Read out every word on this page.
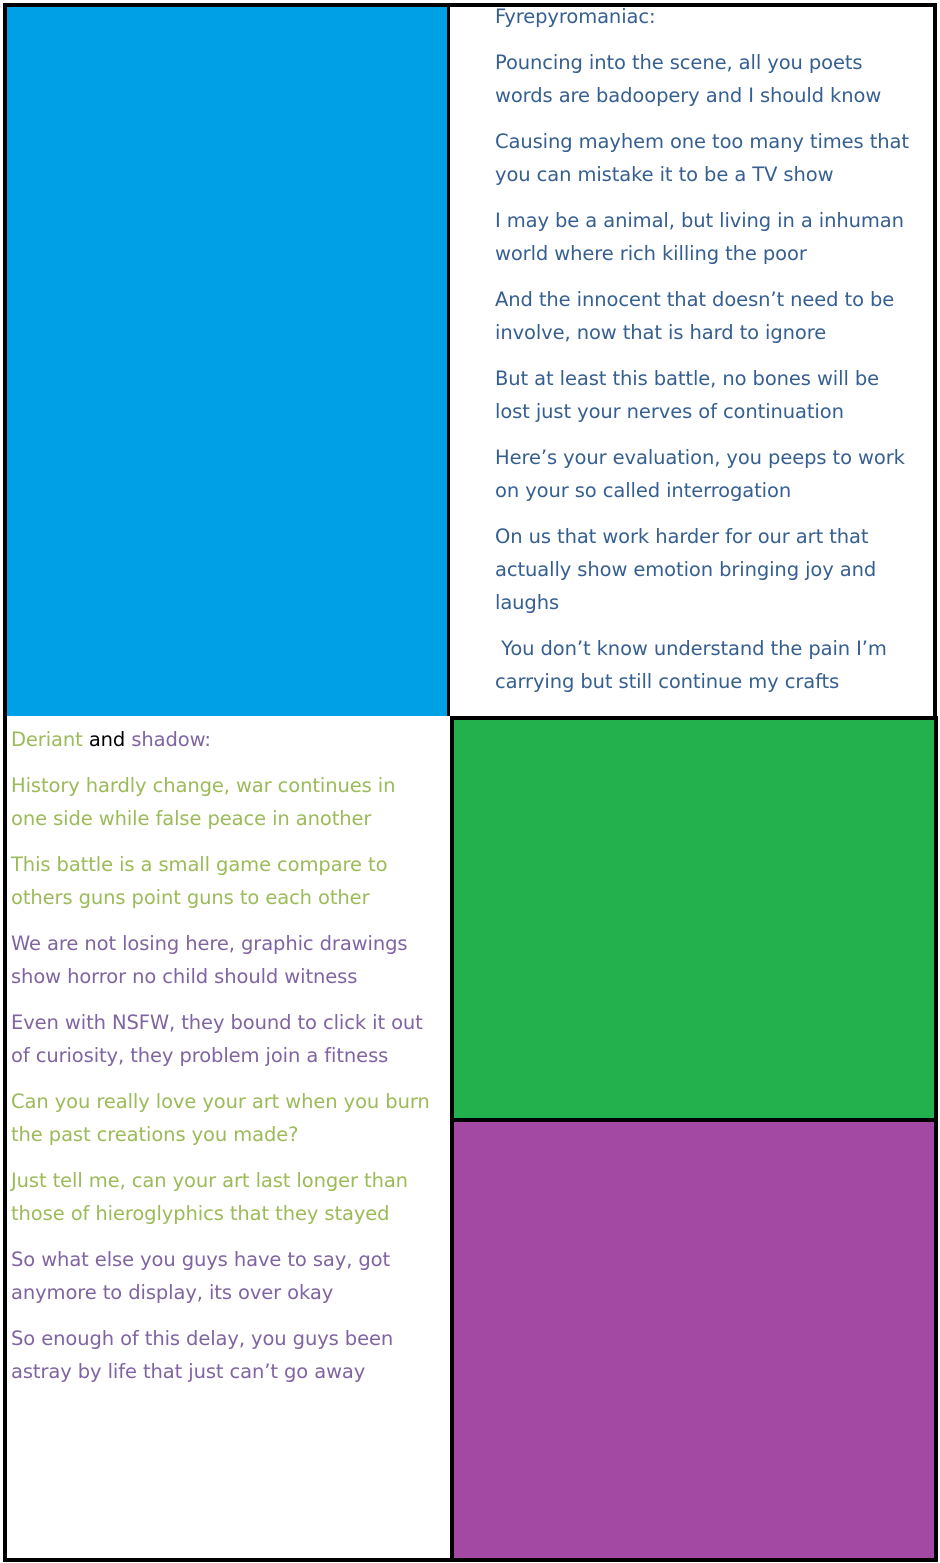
Fyrepyromaniac:

Pouncing into the scene, all you poets
words are badoopery and I should know

Causing mayhem one too many times that
you can mistake it to be a TV show

I may be a animal, but living in a inhuman
world where rich killing the poor

And the innocent that doesn’t need to be
involve, now that is hard to ignore

But at least this battle, no bones will be
lost just your nerves of continuation

Here’s your evaluation, you peeps to work
on your so called interrogation

On us that work harder for our art that
actually show emotion bringing joy and
laughs

You don’t know understand the pain I’m
carrying but still continue my crafts

Deriant and shadow:

History hardly change, war continues in
one side while false peace in another

This battle is a small game compare to
others guns point guns to each other

We are not losing here, graphic drawings
show horror no child should witness

Even with NSFW, they bound to click it out
of curiosity, they problem join a fitness

Can you really love your art when you burn
the past creations you made?

Just tell me, can your art last longer than
those of hieroglyphics that they stayed

So what else you guys have to say, got
anymore to display, its over okay

So enough of this delay, you guys been
astray by life that just can’t go away
